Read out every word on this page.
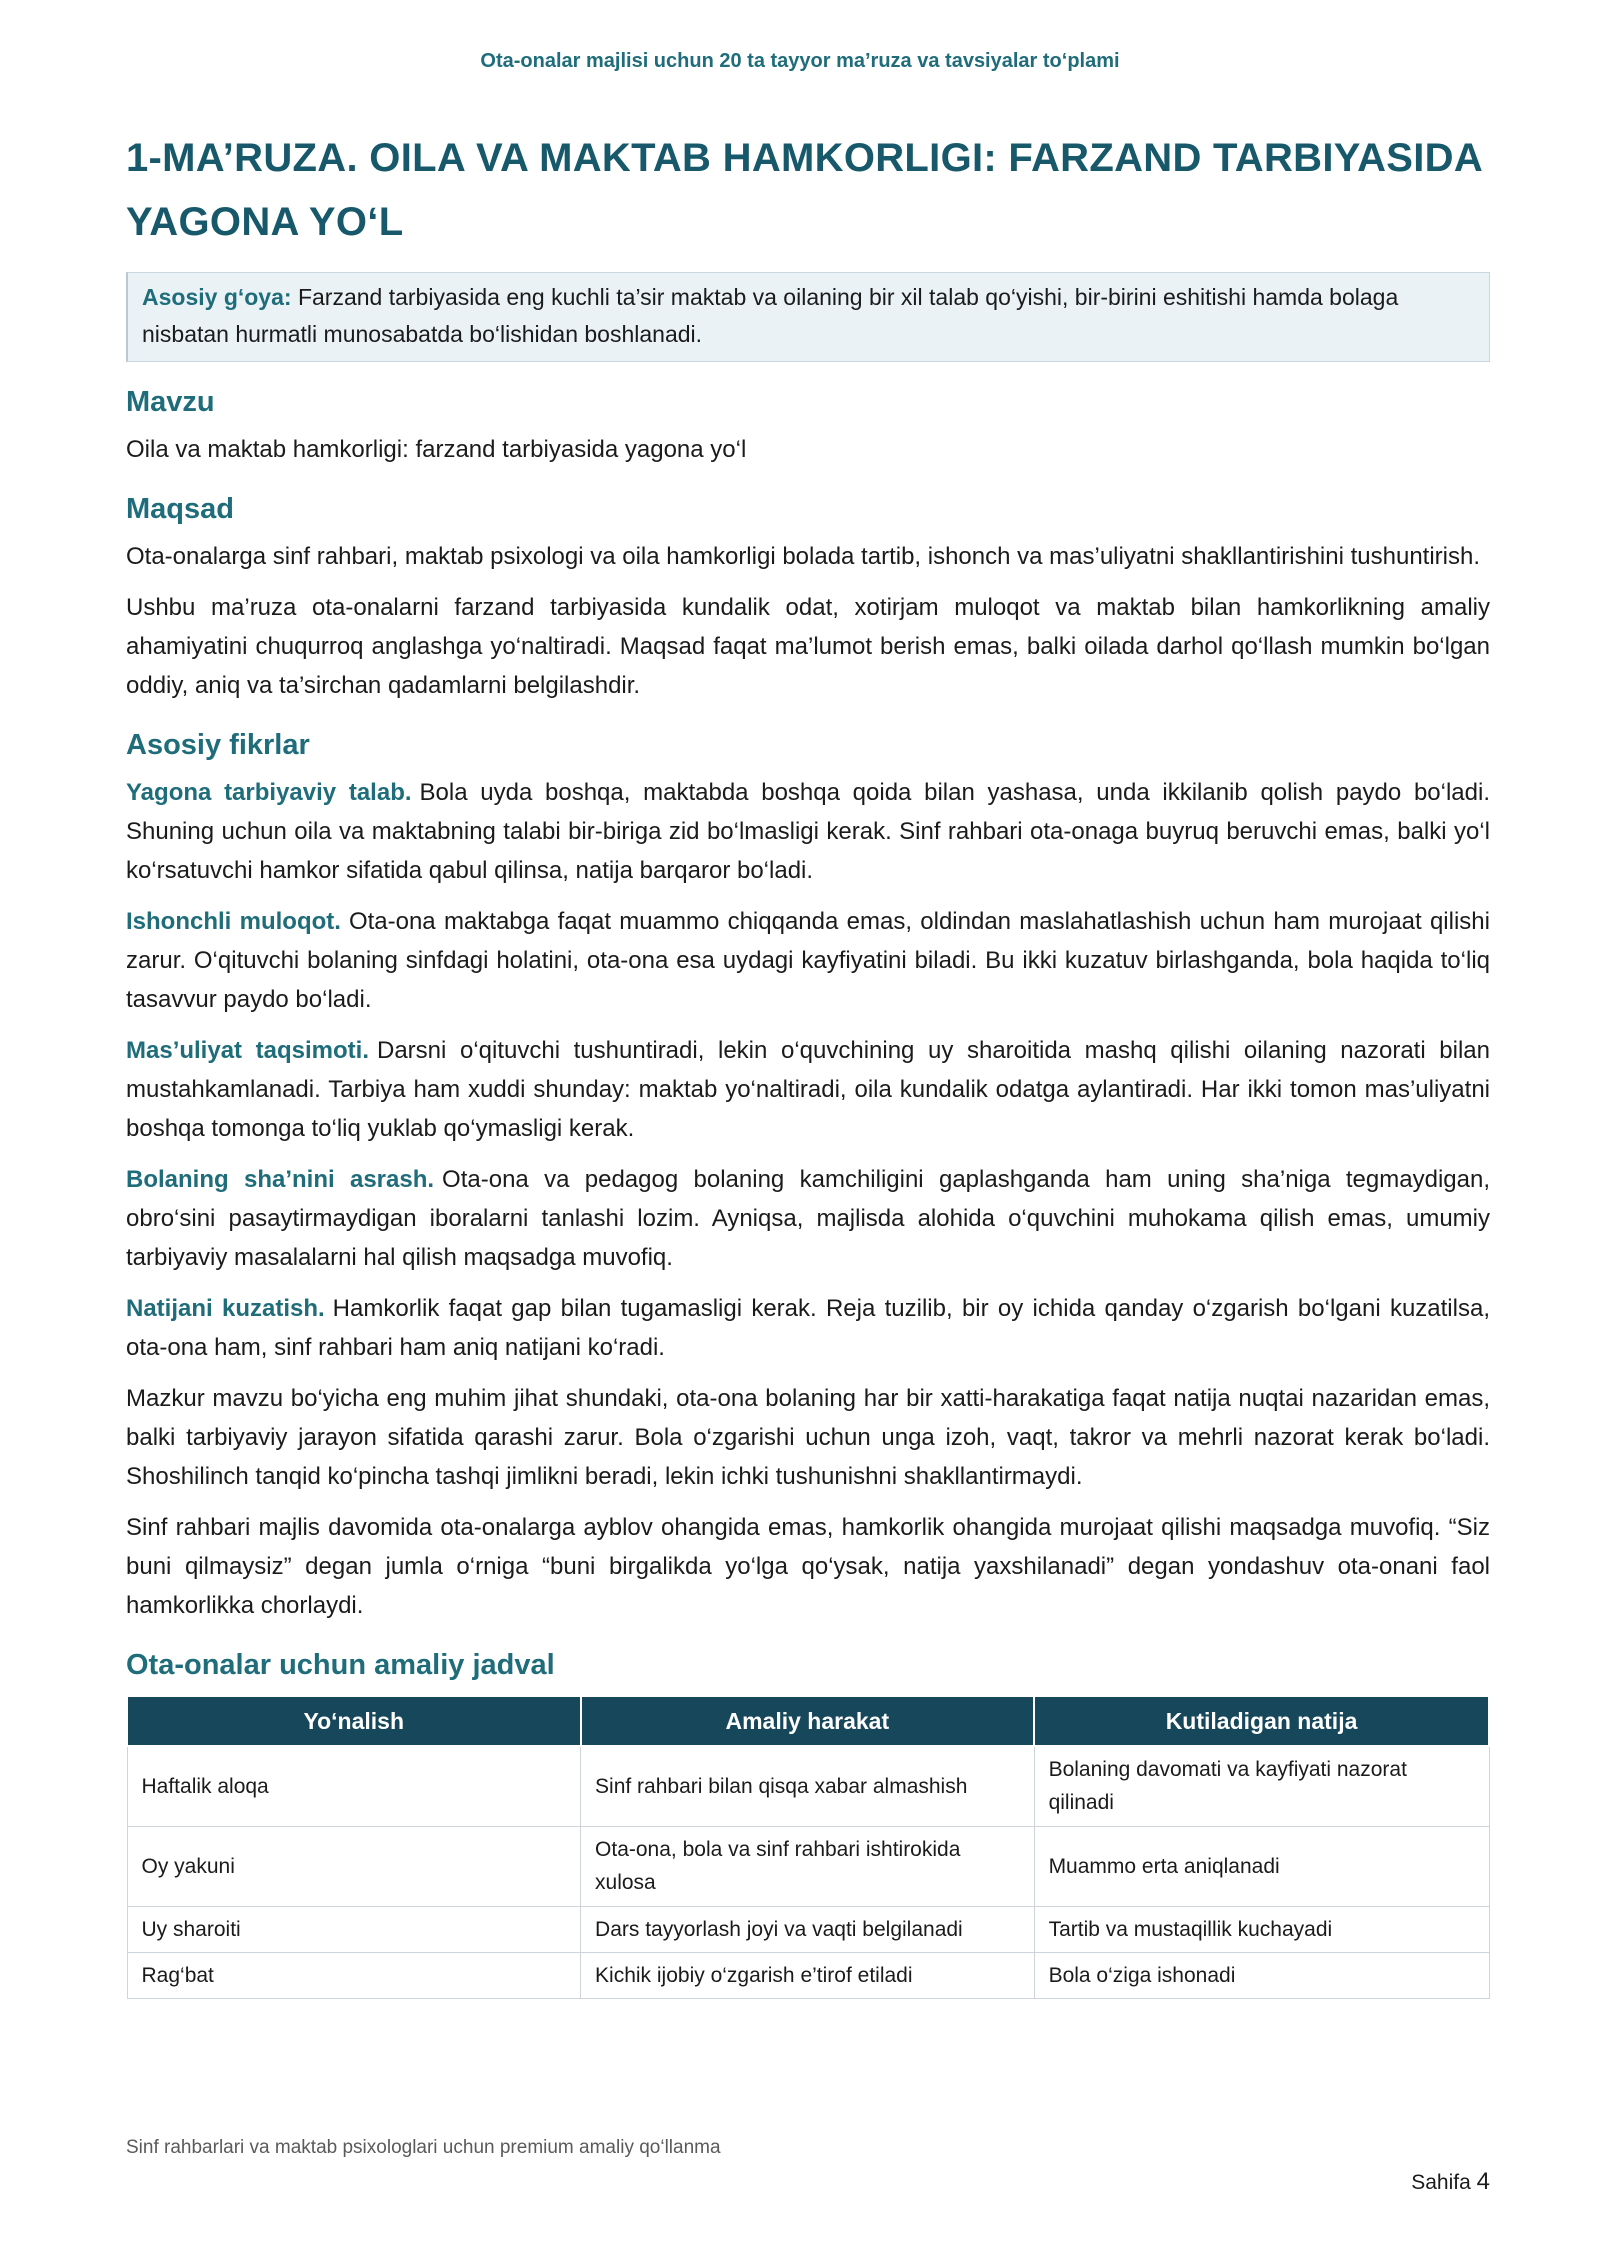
Ota-onalar majlisi uchun 20 ta tayyor ma’ruza va tavsiyalar to‘plami
1-MA’RUZA. OILA VA MAKTAB HAMKORLIGI: FARZAND TARBIYASIDA YAGONA YO‘L
Asosiy g‘oya: Farzand tarbiyasida eng kuchli ta’sir maktab va oilaning bir xil talab qo‘yishi, bir-birini eshitishi hamda bolaga nisbatan hurmatli munosabatda bo‘lishidan boshlanadi.
Mavzu

Oila va maktab hamkorligi: farzand tarbiyasida yagona yo‘l

Maqsad

Ota-onalarga sinf rahbari, maktab psixologi va oila hamkorligi bolada tartib, ishonch va mas’uliyatni shakllantirishini tushuntirish.

Ushbu ma’ruza ota-onalarni farzand tarbiyasida kundalik odat, xotirjam muloqot va maktab bilan hamkorlikning amaliy ahamiyatini chuqurroq anglashga yo‘naltiradi. Maqsad faqat ma’lumot berish emas, balki oilada darhol qo‘llash mumkin bo‘lgan oddiy, aniq va ta’sirchan qadamlarni belgilashdir.

Asosiy fikrlar

Yagona tarbiyaviy talab. Bola uyda boshqa, maktabda boshqa qoida bilan yashasa, unda ikkilanib qolish paydo bo‘ladi. Shuning uchun oila va maktabning talabi bir-biriga zid bo‘lmasligi kerak. Sinf rahbari ota-onaga buyruq beruvchi emas, balki yo‘l ko‘rsatuvchi hamkor sifatida qabul qilinsa, natija barqaror bo‘ladi.

Ishonchli muloqot. Ota-ona maktabga faqat muammo chiqqanda emas, oldindan maslahatlashish uchun ham murojaat qilishi zarur. O‘qituvchi bolaning sinfdagi holatini, ota-ona esa uydagi kayfiyatini biladi. Bu ikki kuzatuv birlashganda, bola haqida to‘liq tasavvur paydo bo‘ladi.

Mas’uliyat taqsimoti. Darsni o‘qituvchi tushuntiradi, lekin o‘quvchining uy sharoitida mashq qilishi oilaning nazorati bilan mustahkamlanadi. Tarbiya ham xuddi shunday: maktab yo‘naltiradi, oila kundalik odatga aylantiradi. Har ikki tomon mas’uliyatni boshqa tomonga to‘liq yuklab qo‘ymasligi kerak.

Bolaning sha’nini asrash. Ota-ona va pedagog bolaning kamchiligini gaplashganda ham uning sha’niga tegmaydigan, obro‘sini pasaytirmaydigan iboralarni tanlashi lozim. Ayniqsa, majlisda alohida o‘quvchini muhokama qilish emas, umumiy tarbiyaviy masalalarni hal qilish maqsadga muvofiq.

Natijani kuzatish. Hamkorlik faqat gap bilan tugamasligi kerak. Reja tuzilib, bir oy ichida qanday o‘zgarish bo‘lgani kuzatilsa, ota-ona ham, sinf rahbari ham aniq natijani ko‘radi.

Mazkur mavzu bo‘yicha eng muhim jihat shundaki, ota-ona bolaning har bir xatti-harakatiga faqat natija nuqtai nazaridan emas, balki tarbiyaviy jarayon sifatida qarashi zarur. Bola o‘zgarishi uchun unga izoh, vaqt, takror va mehrli nazorat kerak bo‘ladi. Shoshilinch tanqid ko‘pincha tashqi jimlikni beradi, lekin ichki tushunishni shakllantirmaydi.

Sinf rahbari majlis davomida ota-onalarga ayblov ohangida emas, hamkorlik ohangida murojaat qilishi maqsadga muvofiq. “Siz buni qilmaysiz” degan jumla o‘rniga “buni birgalikda yo‘lga qo‘ysak, natija yaxshilanadi” degan yondashuv ota-onani faol hamkorlikka chorlaydi.

Ota-onalar uchun amaliy jadval
Yo‘nalish	Amaliy harakat	Kutiladigan natija
Haftalik aloqa	Sinf rahbari bilan qisqa xabar almashish	Bolaning davomati va kayfiyati nazorat qilinadi
Oy yakuni	Ota-ona, bola va sinf rahbari ishtirokida xulosa	Muammo erta aniqlanadi
Uy sharoiti	Dars tayyorlash joyi va vaqti belgilanadi	Tartib va mustaqillik kuchayadi
Rag‘bat	Kichik ijobiy o‘zgarish e’tirof etiladi	Bola o‘ziga ishonadi
Sinf rahbarlari va maktab psixologlari uchun premium amaliy qo‘llanma
Sahifa 4
